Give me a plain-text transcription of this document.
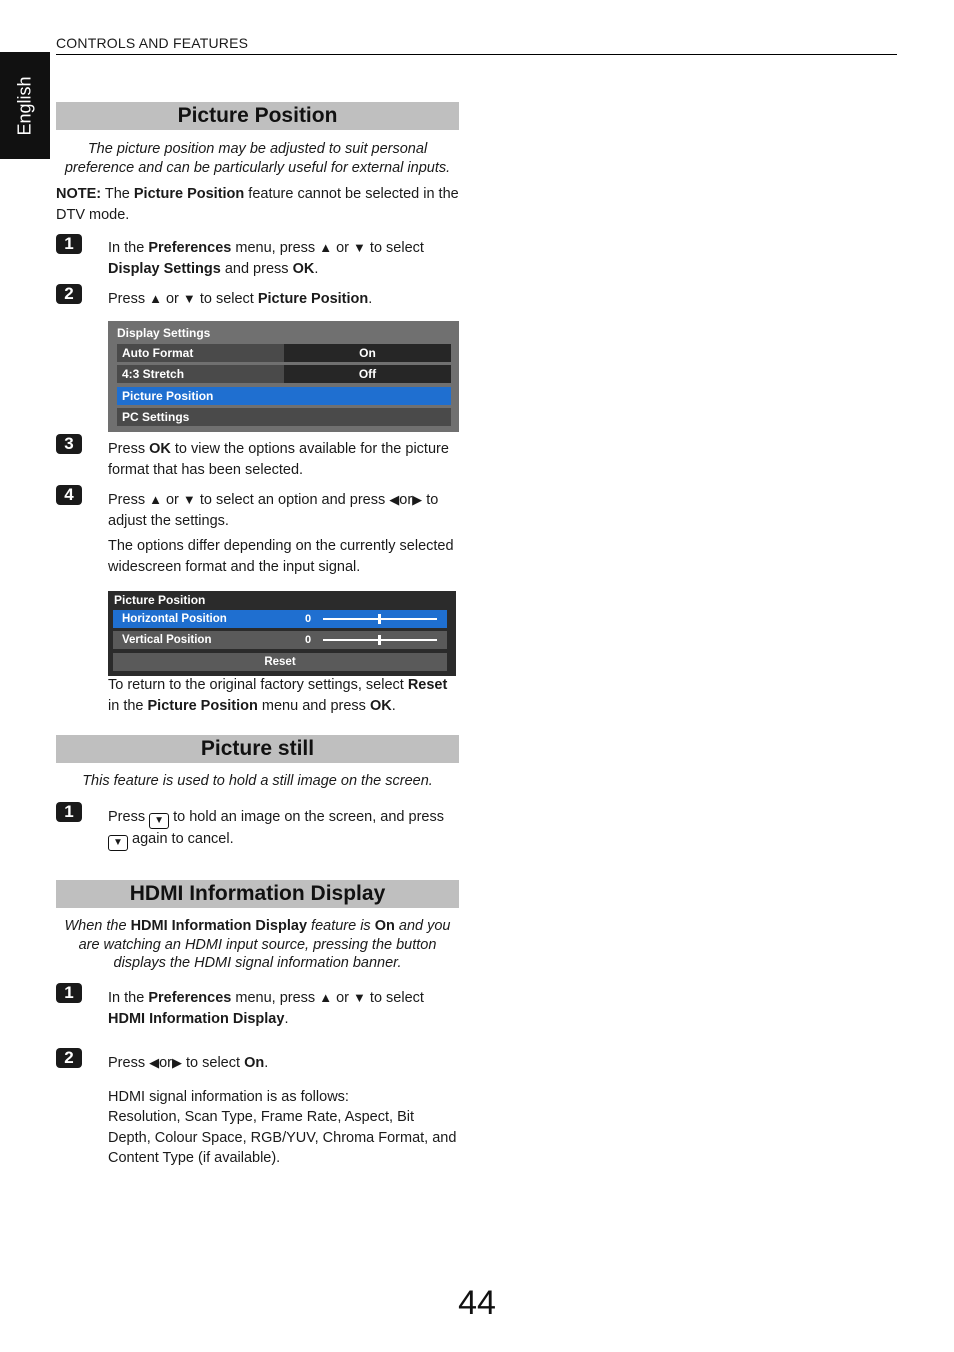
CONTROLS AND FEATURES
English	Picture Position
The picture position may be adjusted to suit personal preference and can be particularly useful for external inputs.
NOTE: The Picture Position feature cannot be selected in the DTV mode.
1	In the Preferences menu, press ▲ or ▼ to select Display Settings and press OK.
2	Press ▲ or ▼ to select Picture Position.
Display Settings
Auto Format	On
4:3 Stretch	Off
Picture Position
PC Settings
3	Press OK to view the options available for the picture format that has been selected.
4	Press ▲ or ▼ to select an option and press ◀or▶ to adjust the settings.
The options differ depending on the currently selected widescreen format and the input signal.
Picture Position
Horizontal Position	0
Vertical Position	0
Reset
To return to the original factory settings, select Reset in the Picture Position menu and press OK.
Picture still
This feature is used to hold a still image on the screen.
1	Press ▼ to hold an image on the screen, and press ▼ again to cancel.
HDMI Information Display
When the HDMI Information Display feature is On and you are watching an HDMI input source, pressing the button displays the HDMI signal information banner.
1	In the Preferences menu, press ▲ or ▼ to select HDMI Information Display.
2	Press ◀or▶ to select On.
HDMI signal information is as follows:
Resolution, Scan Type, Frame Rate, Aspect, Bit Depth, Colour Space, RGB/YUV, Chroma Format, and Content Type (if available).
44
